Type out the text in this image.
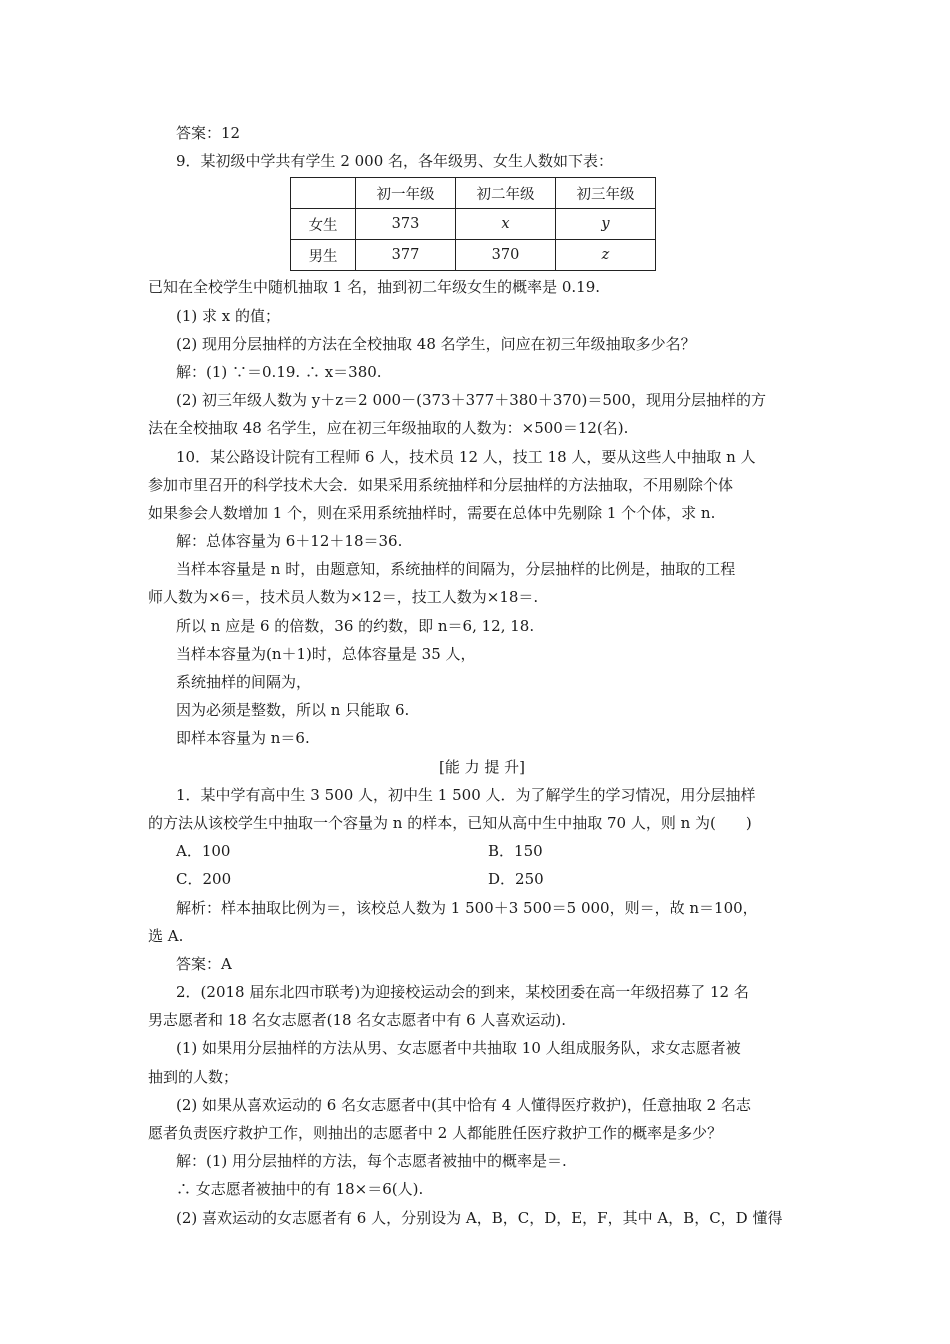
答案：12
9．某初级中学共有学生 2 000 名，各年级男、女生人数如下表：
	初一年级	初二年级	初三年级
女生	373	x	y
男生	377	370	z
已知在全校学生中随机抽取 1 名，抽到初二年级女生的概率是 0.19.
(1) 求 x 的值；
(2) 现用分层抽样的方法在全校抽取 48 名学生，问应在初三年级抽取多少名？
解：(1) ∵＝0.19. ∴ x＝380.
(2) 初三年级人数为 y＋z＝2 000－(373＋377＋380＋370)＝500，现用分层抽样的方
法在全校抽取 48 名学生，应在初三年级抽取的人数为：×500＝12(名).
10．某公路设计院有工程师 6 人，技术员 12 人，技工 18 人，要从这些人中抽取 n 人
参加市里召开的科学技术大会．如果采用系统抽样和分层抽样的方法抽取，不用剔除个体
如果参会人数增加 1 个，则在采用系统抽样时，需要在总体中先剔除 1 个个体，求 n.
解：总体容量为 6＋12＋18＝36.
当样本容量是 n 时，由题意知，系统抽样的间隔为，分层抽样的比例是，抽取的工程
师人数为×6＝，技术员人数为×12＝，技工人数为×18＝.
所以 n 应是 6 的倍数，36 的约数，即 n＝6, 12, 18.
当样本容量为(n＋1)时，总体容量是 35 人，
系统抽样的间隔为，
因为必须是整数，所以 n 只能取 6.
即样本容量为 n＝6.
[能 力 提 升]
1．某中学有高中生 3 500 人，初中生 1 500 人．为了解学生的学习情况，用分层抽样
的方法从该校学生中抽取一个容量为 n 的样本，已知从高中生中抽取 70 人，则 n 为(　　)
A．100	B．150
C．200	D．250
解析：样本抽取比例为＝，该校总人数为 1 500＋3 500＝5 000，则＝，故 n＝100，
选 A.
答案：A
2．(2018 届东北四市联考)为迎接校运动会的到来，某校团委在高一年级招募了 12 名
男志愿者和 18 名女志愿者(18 名女志愿者中有 6 人喜欢运动).
(1) 如果用分层抽样的方法从男、女志愿者中共抽取 10 人组成服务队，求女志愿者被
抽到的人数；
(2) 如果从喜欢运动的 6 名女志愿者中(其中恰有 4 人懂得医疗救护)，任意抽取 2 名志
愿者负责医疗救护工作，则抽出的志愿者中 2 人都能胜任医疗救护工作的概率是多少？
解：(1) 用分层抽样的方法，每个志愿者被抽中的概率是＝.
∴ 女志愿者被抽中的有 18×＝6(人).
(2) 喜欢运动的女志愿者有 6 人，分别设为 A，B，C，D，E，F，其中 A，B，C，D 懂得
